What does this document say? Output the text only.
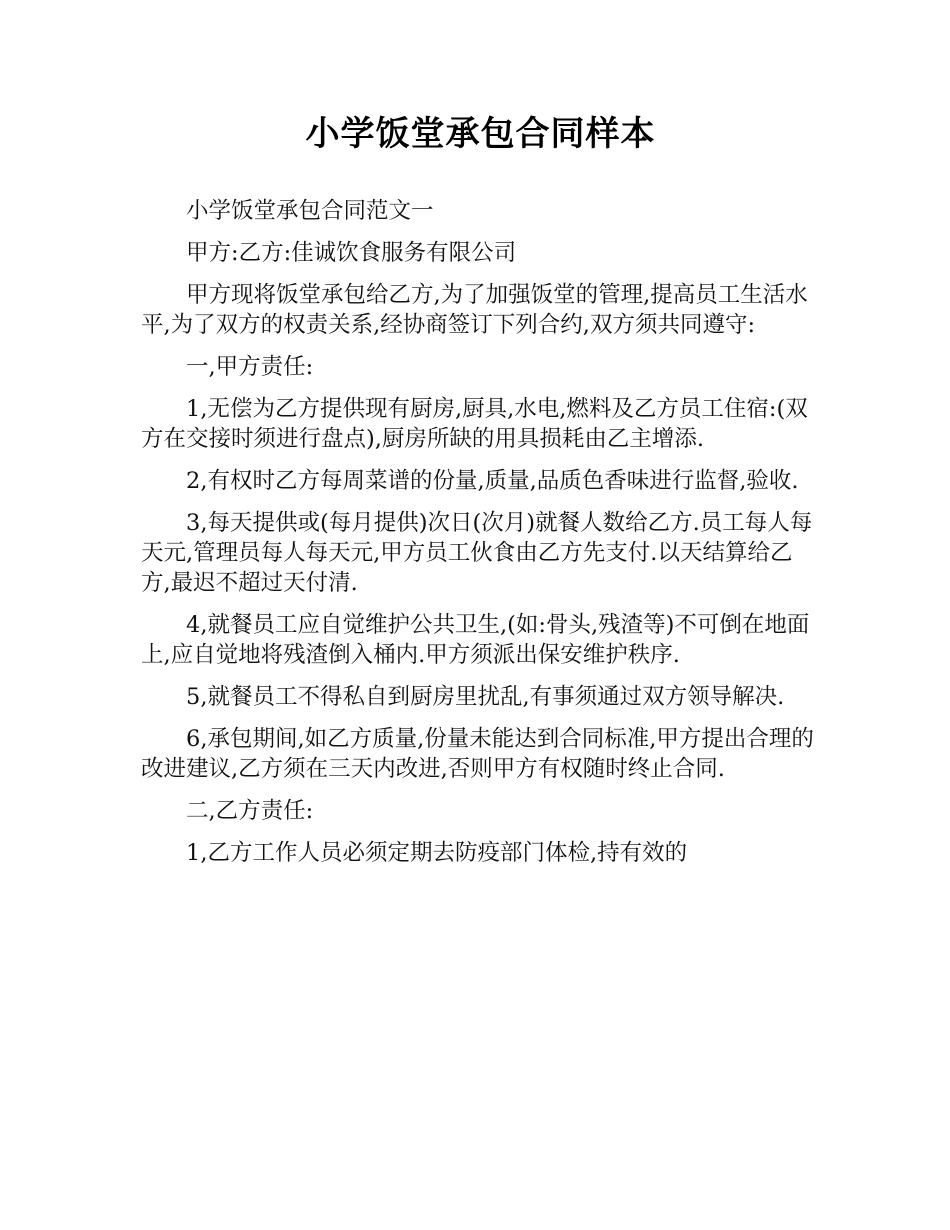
小学饭堂承包合同样本

小学饭堂承包合同范文一

甲方:乙方:佳诚饮食服务有限公司

甲方现将饭堂承包给乙方,为了加强饭堂的管理,提高员工生活水平,为了双方的权责关系,经协商签订下列合约,双方须共同遵守:

一,甲方责任:

1,无偿为乙方提供现有厨房,厨具,水电,燃料及乙方员工住宿:(双方在交接时须进行盘点),厨房所缺的用具损耗由乙主增添.

2,有权时乙方每周菜谱的份量,质量,品质色香味进行监督,验收.

3,每天提供或(每月提供)次日(次月)就餐人数给乙方.员工每人每天元,管理员每人每天元,甲方员工伙食由乙方先支付.以天结算给乙方,最迟不超过天付清.

4,就餐员工应自觉维护公共卫生,(如:骨头,残渣等)不可倒在地面上,应自觉地将残渣倒入桶内.甲方须派出保安维护秩序.

5,就餐员工不得私自到厨房里扰乱,有事须通过双方领导解决.

6,承包期间,如乙方质量,份量未能达到合同标准,甲方提出合理的改进建议,乙方须在三天内改进,否则甲方有权随时终止合同.

二,乙方责任:

1,乙方工作人员必须定期去防疫部门体检,持有效的
